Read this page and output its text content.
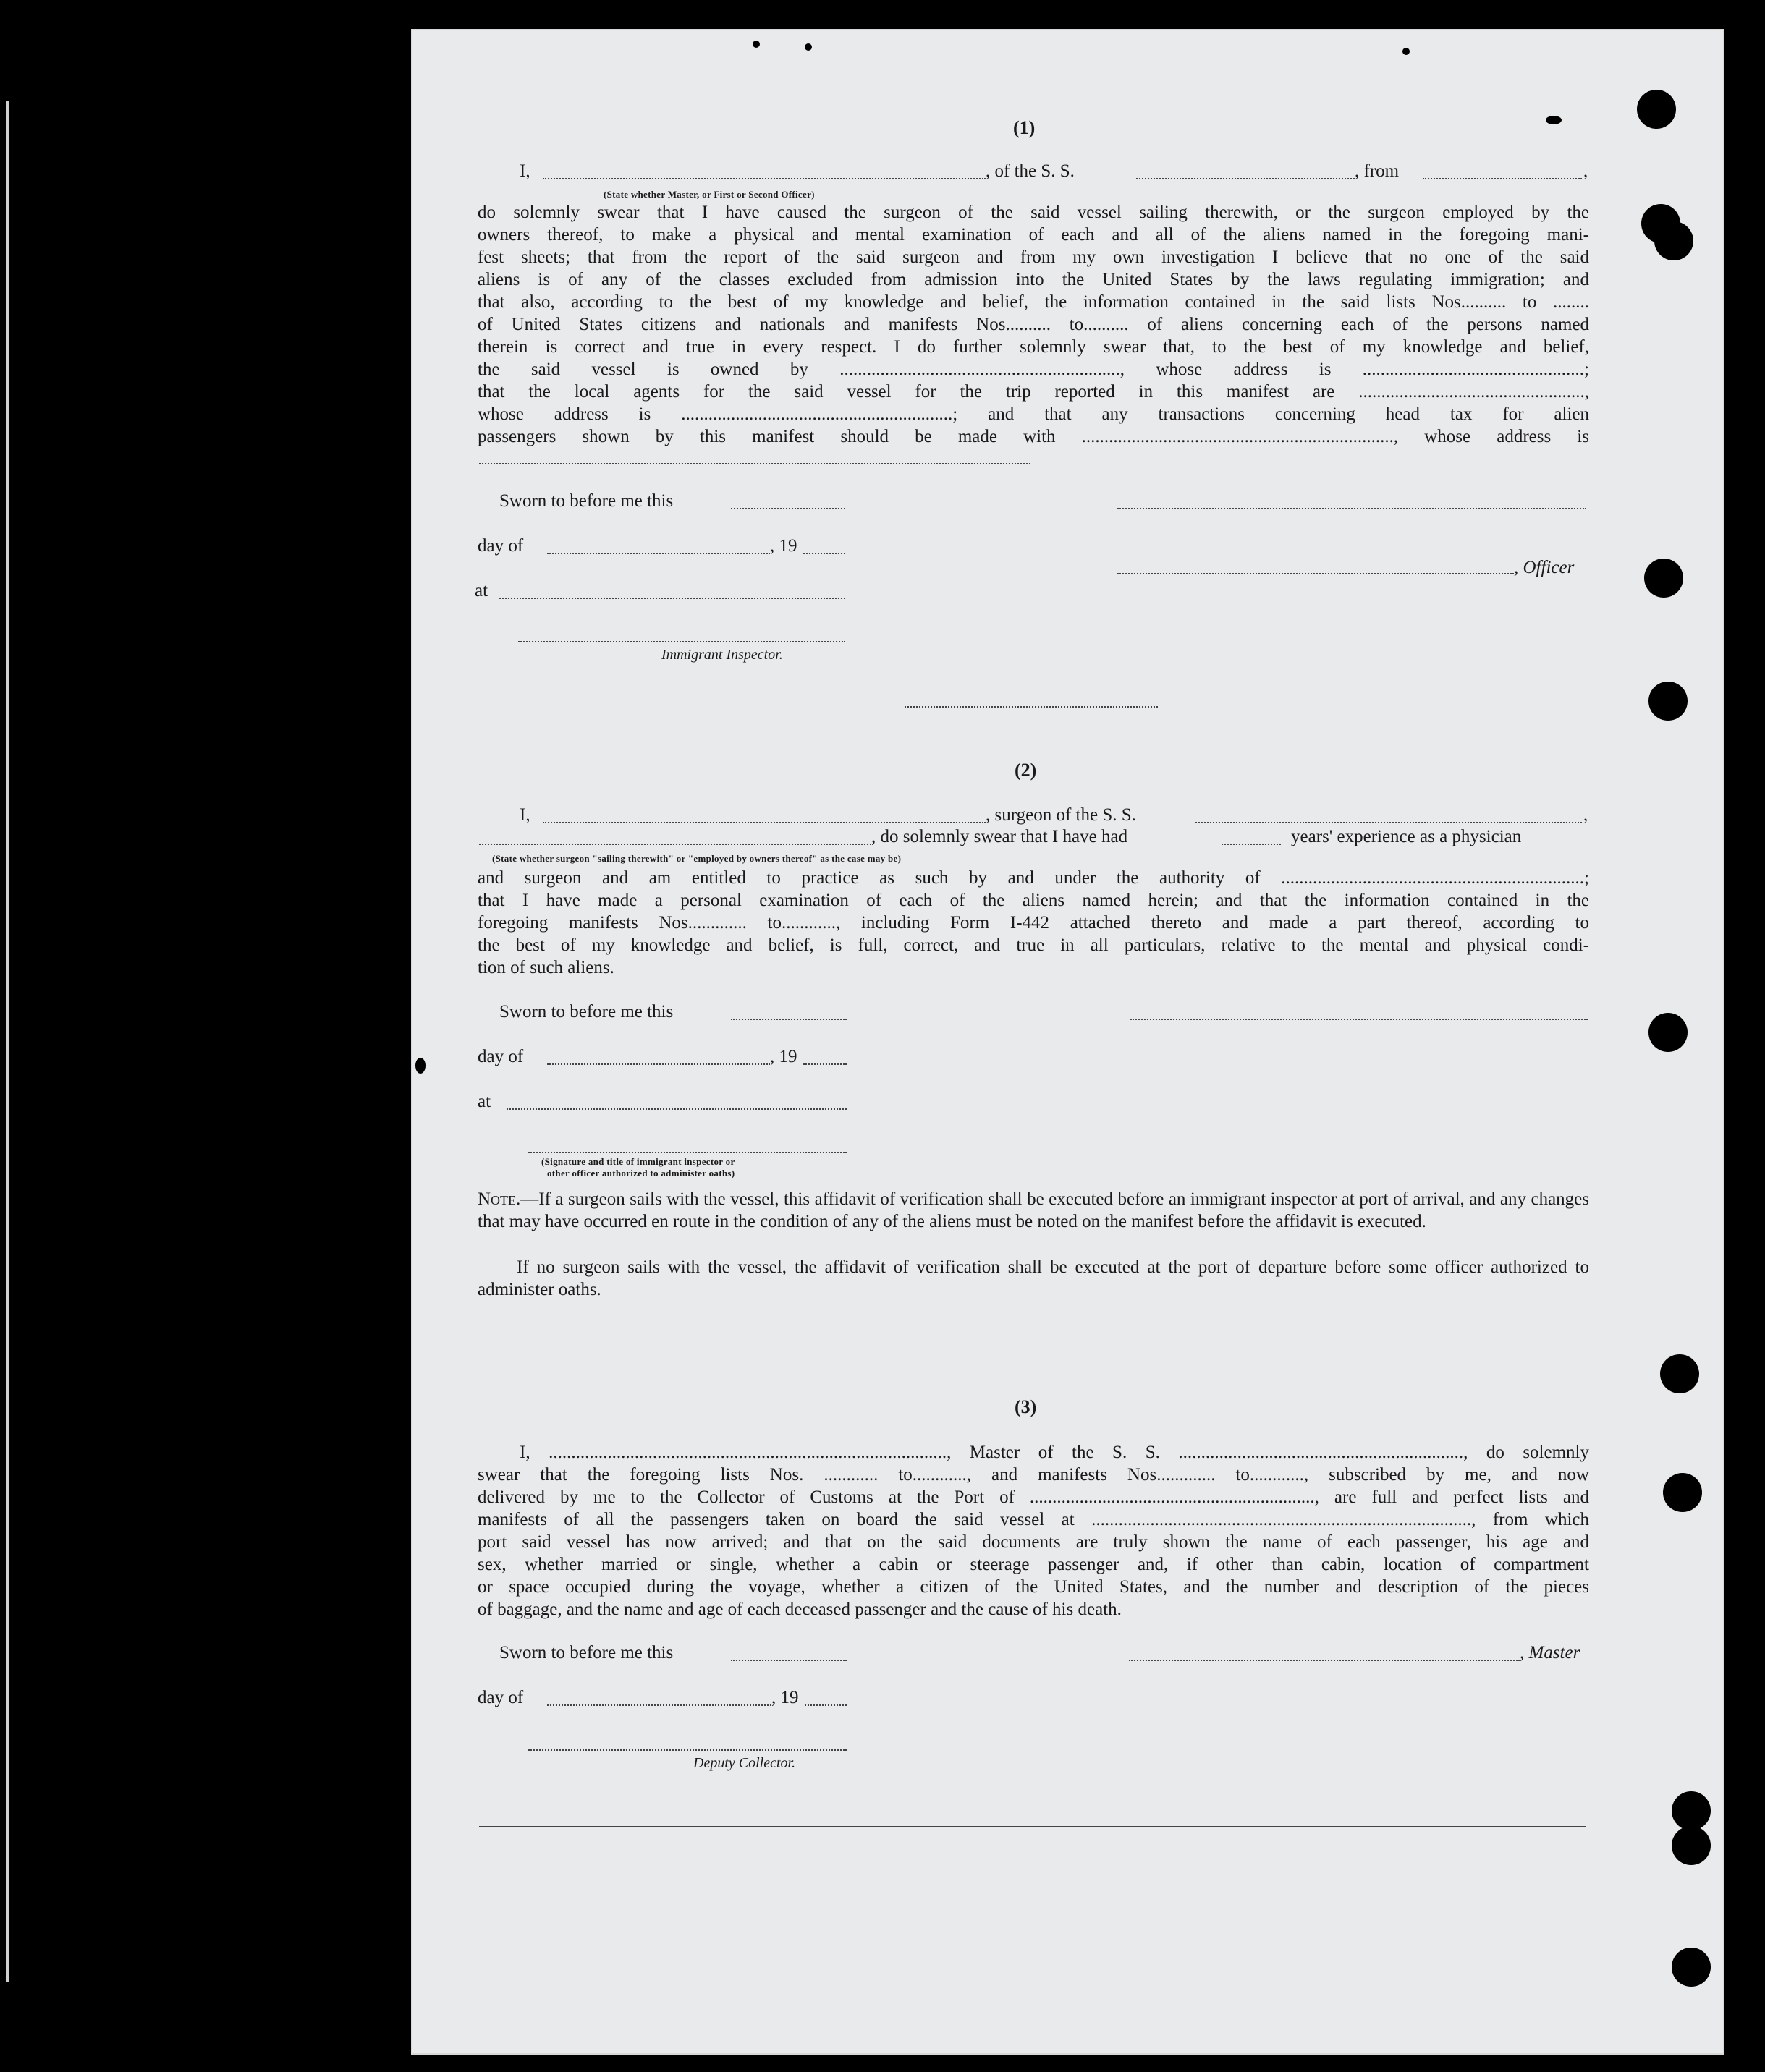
(1)
I,	, of the S. S.	, from	,
(State whether Master, or First or Second Officer)
do solemnly swear that I have caused the surgeon of the said vessel sailing therewith, or the surgeon employed by the
owners thereof, to make a physical and mental examination of each and all of the aliens named in the foregoing mani-
fest sheets; that from the report of the said surgeon and from my own investigation I believe that no one of the said
aliens is of any of the classes excluded from admission into the United States by the laws regulating immigration; and
that also, according to the best of my knowledge and belief, the information contained in the said lists Nos.......... to ........
of United States citizens and nationals and manifests Nos.......... to.......... of aliens concerning each of the persons named
therein is correct and true in every respect. I do further solemnly swear that, to the best of my knowledge and belief,
the said vessel is owned by .............................................................., whose address is .................................................;
that the local agents for the said vessel for the trip reported in this manifest are ..................................................,
whose address is ............................................................; and that any transactions concerning head tax for alien
passengers shown by this manifest should be made with ....................................................................., whose address is
Sworn to before me this
day of	, 19
, Officer
at
Immigrant Inspector.
(2)
I,	, surgeon of the S. S.	,
, do solemnly swear that I have had	years' experience as a physician
(State whether surgeon "sailing therewith" or "employed by owners thereof" as the case may be)
and surgeon and am entitled to practice as such by and under the authority of ...................................................................;
that I have made a personal examination of each of the aliens named herein; and that the information contained in the
foregoing manifests Nos............. to............, including Form I-442 attached thereto and made a part thereof, according to
the best of my knowledge and belief, is full, correct, and true in all particulars, relative to the mental and physical condi-
tion of such aliens.
Sworn to before me this
day of	, 19
at
(Signature and title of immigrant inspector or
other officer authorized to administer oaths)
Note.—If a surgeon sails with the vessel, this affidavit of verification shall be executed before an immigrant inspector at port of arrival, and any changes that may have occurred en route in the condition of any of the aliens must be noted on the manifest before the affidavit is executed.
If no surgeon sails with the vessel, the affidavit of verification shall be executed at the port of departure before some officer authorized to administer oaths.
(3)
I, ........................................................................................, Master of the S. S. ..............................................................., do solemnly
swear that the foregoing lists Nos. ............ to............, and manifests Nos............. to............, subscribed by me, and now
delivered by me to the Collector of Customs at the Port of ..............................................................., are full and perfect lists and
manifests of all the passengers taken on board the said vessel at ...................................................................................., from which
port said vessel has now arrived; and that on the said documents are truly shown the name of each passenger, his age and
sex, whether married or single, whether a cabin or steerage passenger and, if other than cabin, location of compartment
or space occupied during the voyage, whether a citizen of the United States, and the number and description of the pieces
of baggage, and the name and age of each deceased passenger and the cause of his death.
Sworn to before me this	, Master
day of	, 19
Deputy Collector.
